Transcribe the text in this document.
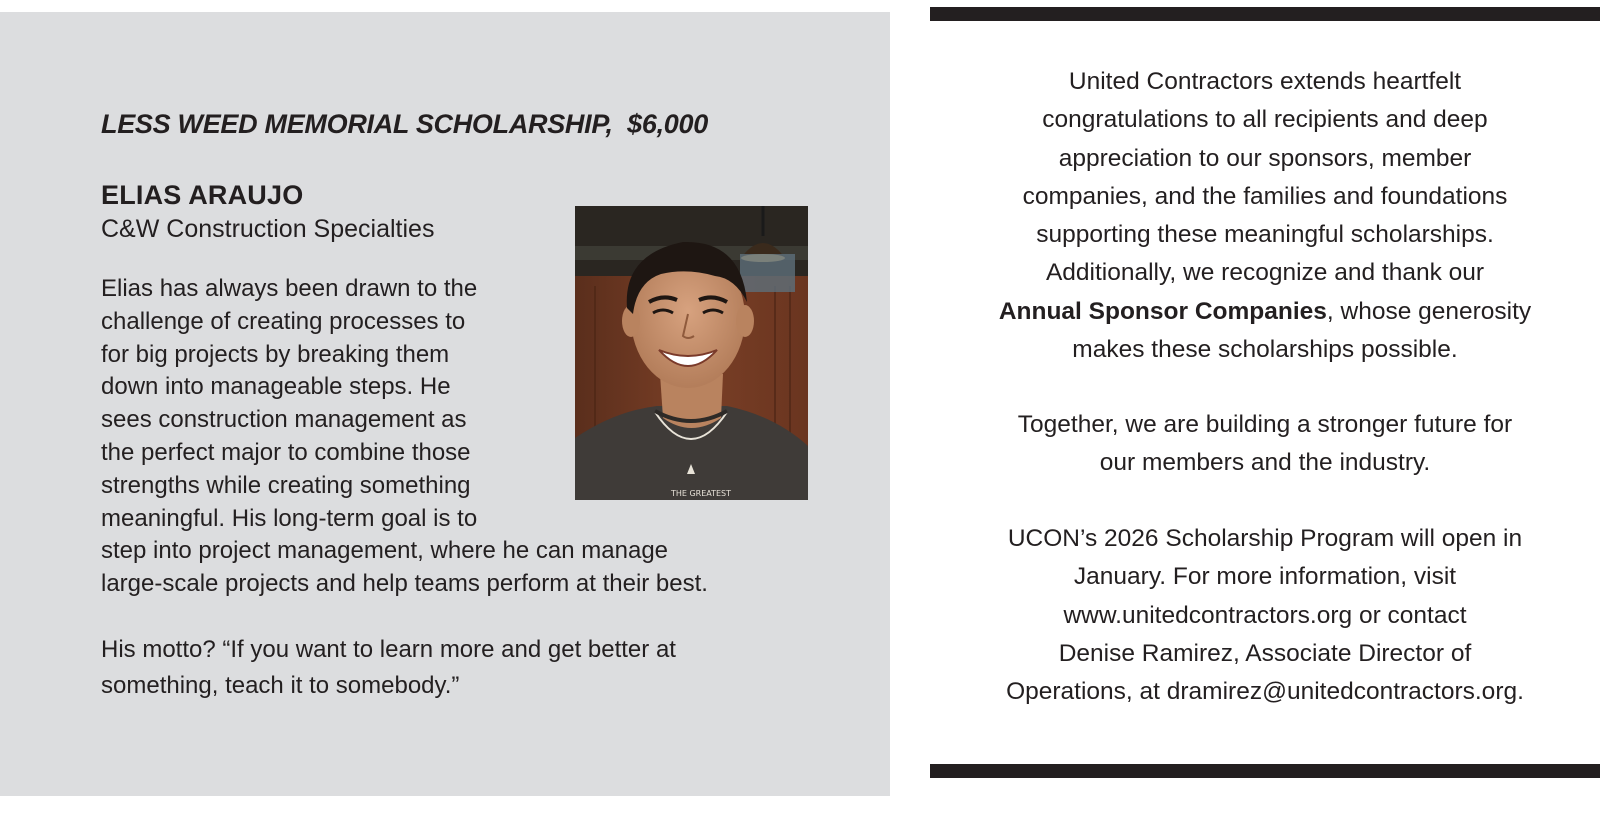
LESS WEED MEMORIAL SCHOLARSHIP,  $6,000
ELIAS ARAUJO

C&W Construction Specialties

THE GREATEST

Elias has always been drawn to the
challenge of creating processes to
for big projects by breaking them
down into manageable steps. He
sees construction management as
the perfect major to combine those
strengths while creating something
meaningful. His long-term goal is to
step into project management, where he can manage
large-scale projects and help teams perform at their best.

His motto? “If you want to learn more and get better at
something, teach it to somebody.”

United Contractors extends heartfelt
congratulations to all recipients and deep
appreciation to our sponsors, member
companies, and the families and foundations
supporting these meaningful scholarships.
Additionally, we recognize and thank our
Annual Sponsor Companies, whose generosity
makes these scholarships possible.

Together, we are building a stronger future for
our members and the industry.

UCON’s 2026 Scholarship Program will open in
January. For more information, visit
www.unitedcontractors.org or contact
Denise Ramirez, Associate Director of
Operations, at dramirez@unitedcontractors.org.
